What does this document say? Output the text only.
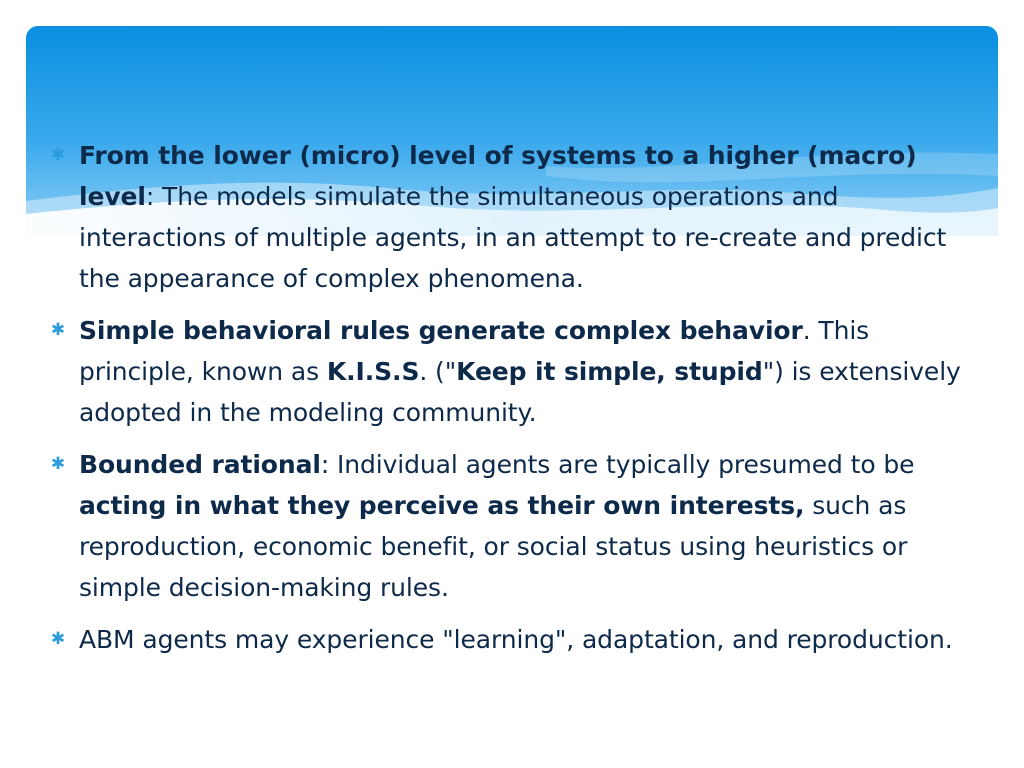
✱ From the lower (micro) level of systems to a higher (macro) level: The models simulate the simultaneous operations and interactions of multiple agents, in an attempt to re-create and predict the appearance of complex phenomena.
✱ Simple behavioral rules generate complex behavior. This principle, known as K.I.S.S. ("Keep it simple, stupid") is extensively adopted in the modeling community.
✱ Bounded rational: Individual agents are typically presumed to be acting in what they perceive as their own interests, such as reproduction, economic benefit, or social status using heuristics or simple decision-making rules.
✱ ABM agents may experience "learning", adaptation, and reproduction.
